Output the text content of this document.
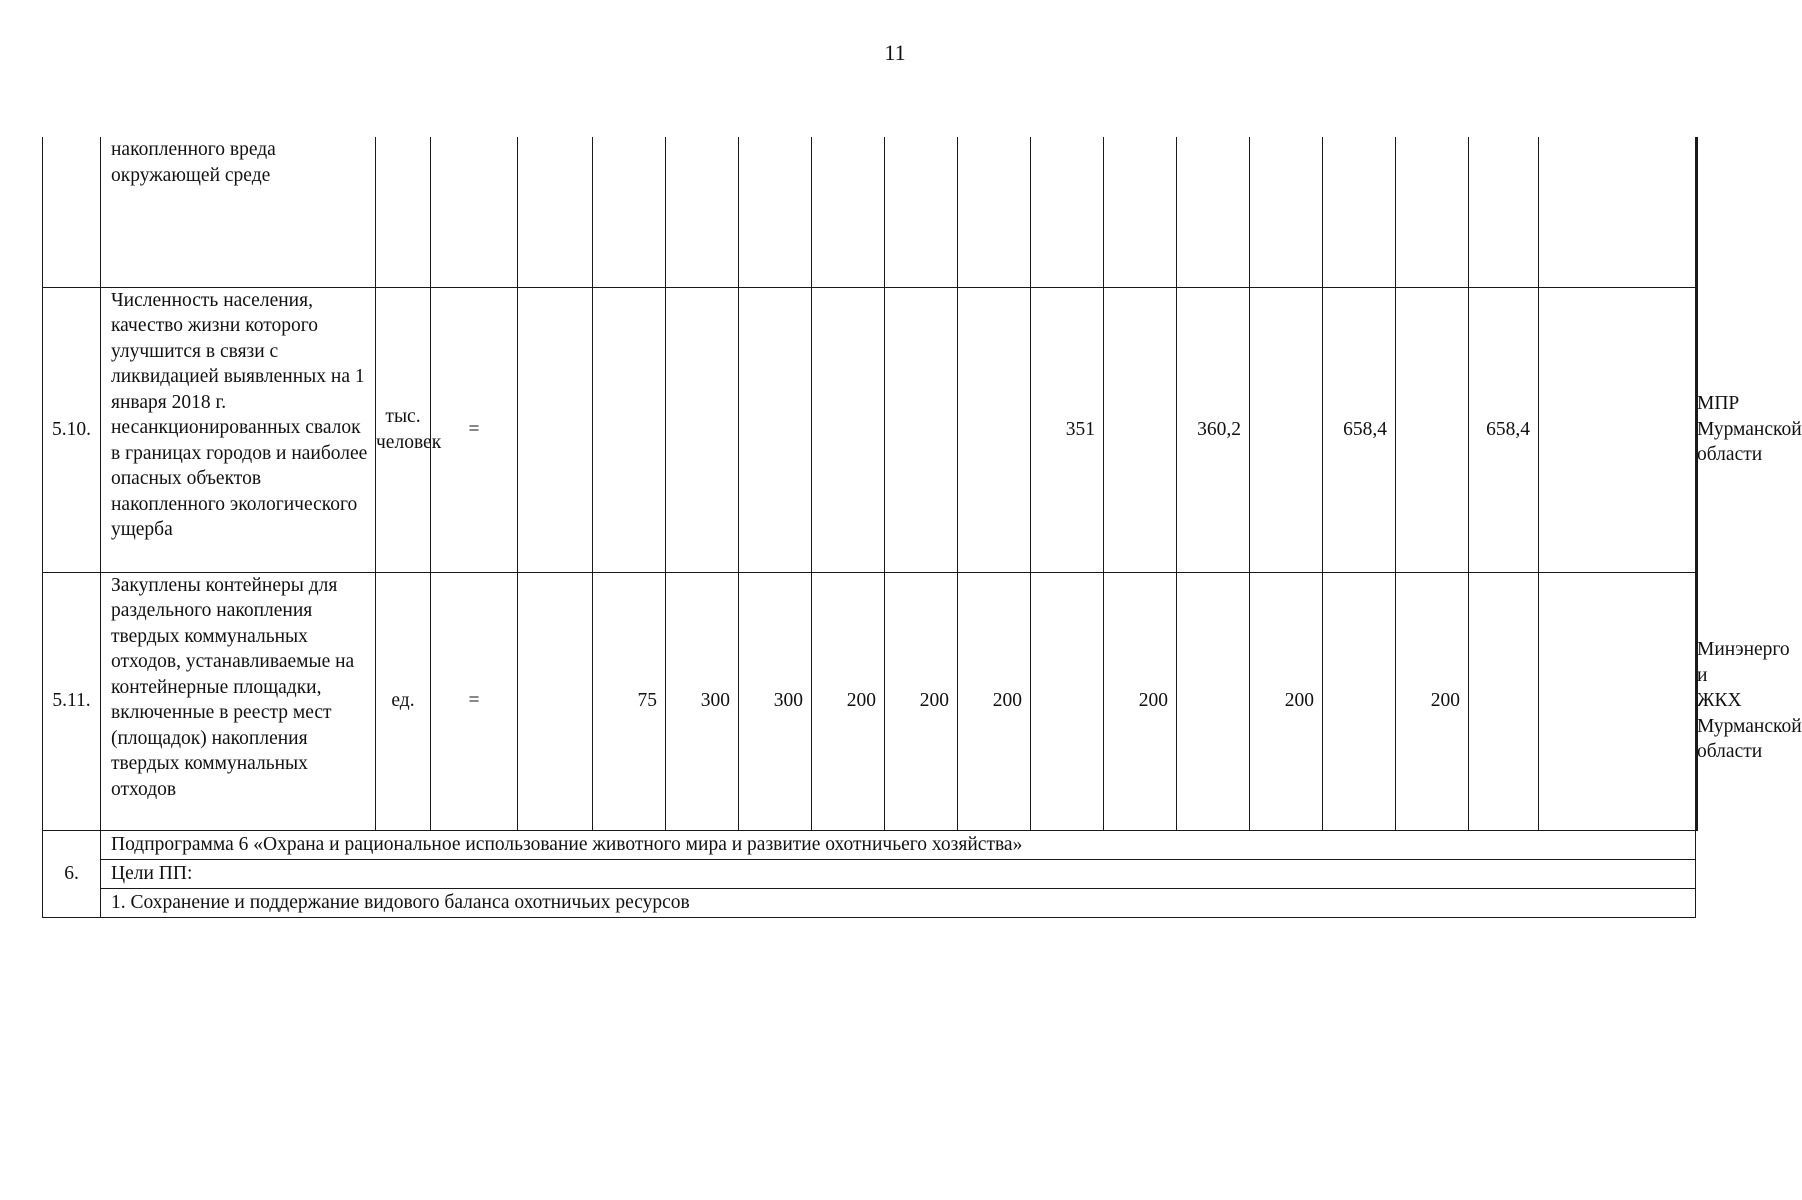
11
	накопленного вреда окружающей среде																			
5.10.	Численность населения, качество жизни которого улучшится в связи с ликвидацией выявленных на 1 января 2018 г. несанкционированных свалок в границах городов и наиболее опасных объектов накопленного экологического ущерба	тыс. человек	=								351		360,2		658,4		658,4			МПР Мурманской области
5.11.	Закуплены контейнеры для раздельного накопления твердых коммунальных отходов, устанавливаемые на контейнерные площадки, включенные в реестр мест (площадок) накопления твердых коммунальных отходов	ед.	=		75	300	300	200	200	200		200		200		200				Минэнерго и ЖКХ Мурманской области
6.	Подпрограмма 6 «Охрана и рациональное использование животного мира и развитие охотничьего хозяйства»																		
	Цели ПП:																		
	1. Сохранение и поддержание видового баланса охотничьих ресурсов																		
